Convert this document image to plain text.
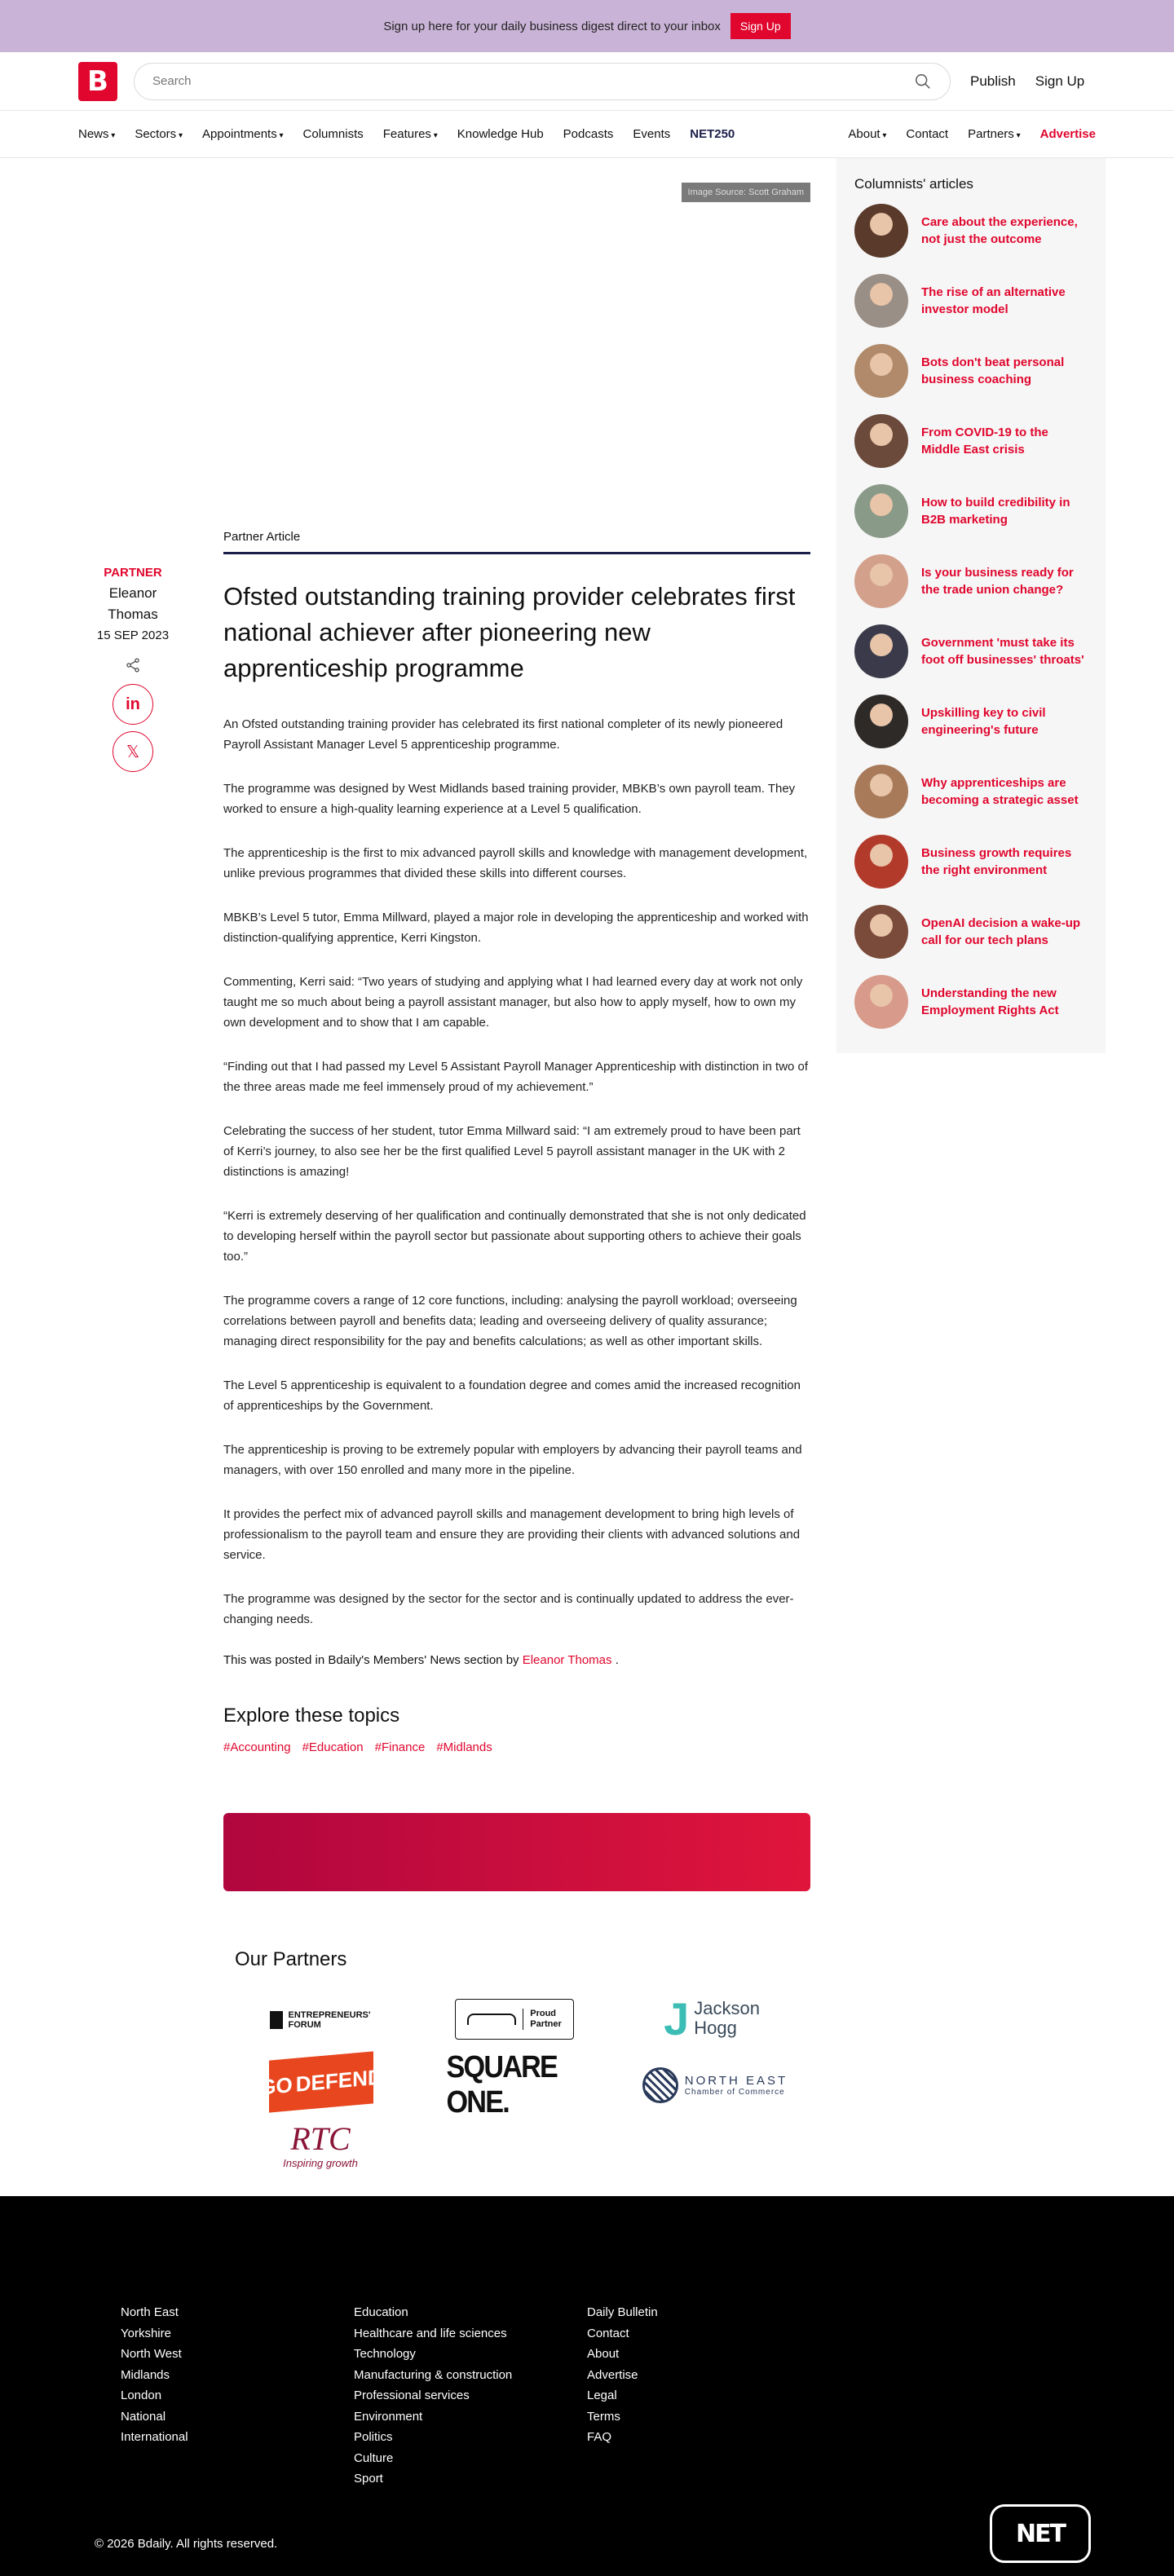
Sign up here for your daily business digest direct to your inbox	Sign Up
B
Search	Publish Sign Up
News ▾	Sectors ▾	Appointments ▾	Columnists Features ▾	Knowledge Hub Podcasts Events NET250	About ▾	Contact Partners ▾	Advertise
Image Source: Scott Graham
PARTNER
Eleanor
Thomas
15 SEP 2023
in
𝕏
Partner Article
Ofsted outstanding training provider celebrates first national achiever after pioneering new apprenticeship programme

An Ofsted outstanding training provider has celebrated its first national completer of its newly pioneered Payroll Assistant Manager Level 5 apprenticeship programme.

The programme was designed by West Midlands based training provider, MBKB’s own payroll team. They worked to ensure a high-quality learning experience at a Level 5 qualification.

The apprenticeship is the first to mix advanced payroll skills and knowledge with management development, unlike previous programmes that divided these skills into different courses.

MBKB’s Level 5 tutor, Emma Millward, played a major role in developing the apprenticeship and worked with distinction-qualifying apprentice, Kerri Kingston.

Commenting, Kerri said: “Two years of studying and applying what I had learned every day at work not only taught me so much about being a payroll assistant manager, but also how to apply myself, how to own my own development and to show that I am capable.

“Finding out that I had passed my Level 5 Assistant Payroll Manager Apprenticeship with distinction in two of the three areas made me feel immensely proud of my achievement.”

Celebrating the success of her student, tutor Emma Millward said: “I am extremely proud to have been part of Kerri’s journey, to also see her be the first qualified Level 5 payroll assistant manager in the UK with 2 distinctions is amazing!

“Kerri is extremely deserving of her qualification and continually demonstrated that she is not only dedicated to developing herself within the payroll sector but passionate about supporting others to achieve their goals too.”

The programme covers a range of 12 core functions, including: analysing the payroll workload; overseeing correlations between payroll and benefits data; leading and overseeing delivery of quality assurance; managing direct responsibility for the pay and benefits calculations; as well as other important skills.

The Level 5 apprenticeship is equivalent to a foundation degree and comes amid the increased recognition of apprenticeships by the Government.

The apprenticeship is proving to be extremely popular with employers by advancing their payroll teams and managers, with over 150 enrolled and many more in the pipeline.

It provides the perfect mix of advanced payroll skills and management development to bring high levels of professionalism to the payroll team and ensure they are providing their clients with advanced solutions and service.

The programme was designed by the sector for the sector and is continually updated to address the ever-changing needs.

This was posted in Bdaily's Members' News section by Eleanor Thomas .
Explore these topics
#Accounting #Education #Finance #Midlands
Columnists' articles
Care about the experience, not just the outcome
The rise of an alternative investor model
Bots don't beat personal business coaching
From COVID-19 to the Middle East crisis
How to build credibility in B2B marketing
Is your business ready for the trade union change?
Government 'must take its foot off businesses' throats'
Upskilling key to civil engineering's future
Why apprenticeships are becoming a strategic asset
Business growth requires the right environment
OpenAI decision a wake-up call for our tech plans
Understanding the new Employment Rights Act
Our Partners
ENTREPRENEURS'
FORUM
Proud
Partner J Jackson
Hogg
GO DEFEND SQUARE ONE.
NORTH EAST
Chamber of Commerce
RTC
Inspiring growth
North East
Yorkshire
North West
Midlands
London
National
International
Education
Healthcare and life sciences
Technology
Manufacturing & construction
Professional services
Environment
Politics
Culture
Sport
Daily Bulletin
Contact
About
Advertise
Legal
Terms
FAQ
© 2026 Bdaily. All rights reserved.	NET
